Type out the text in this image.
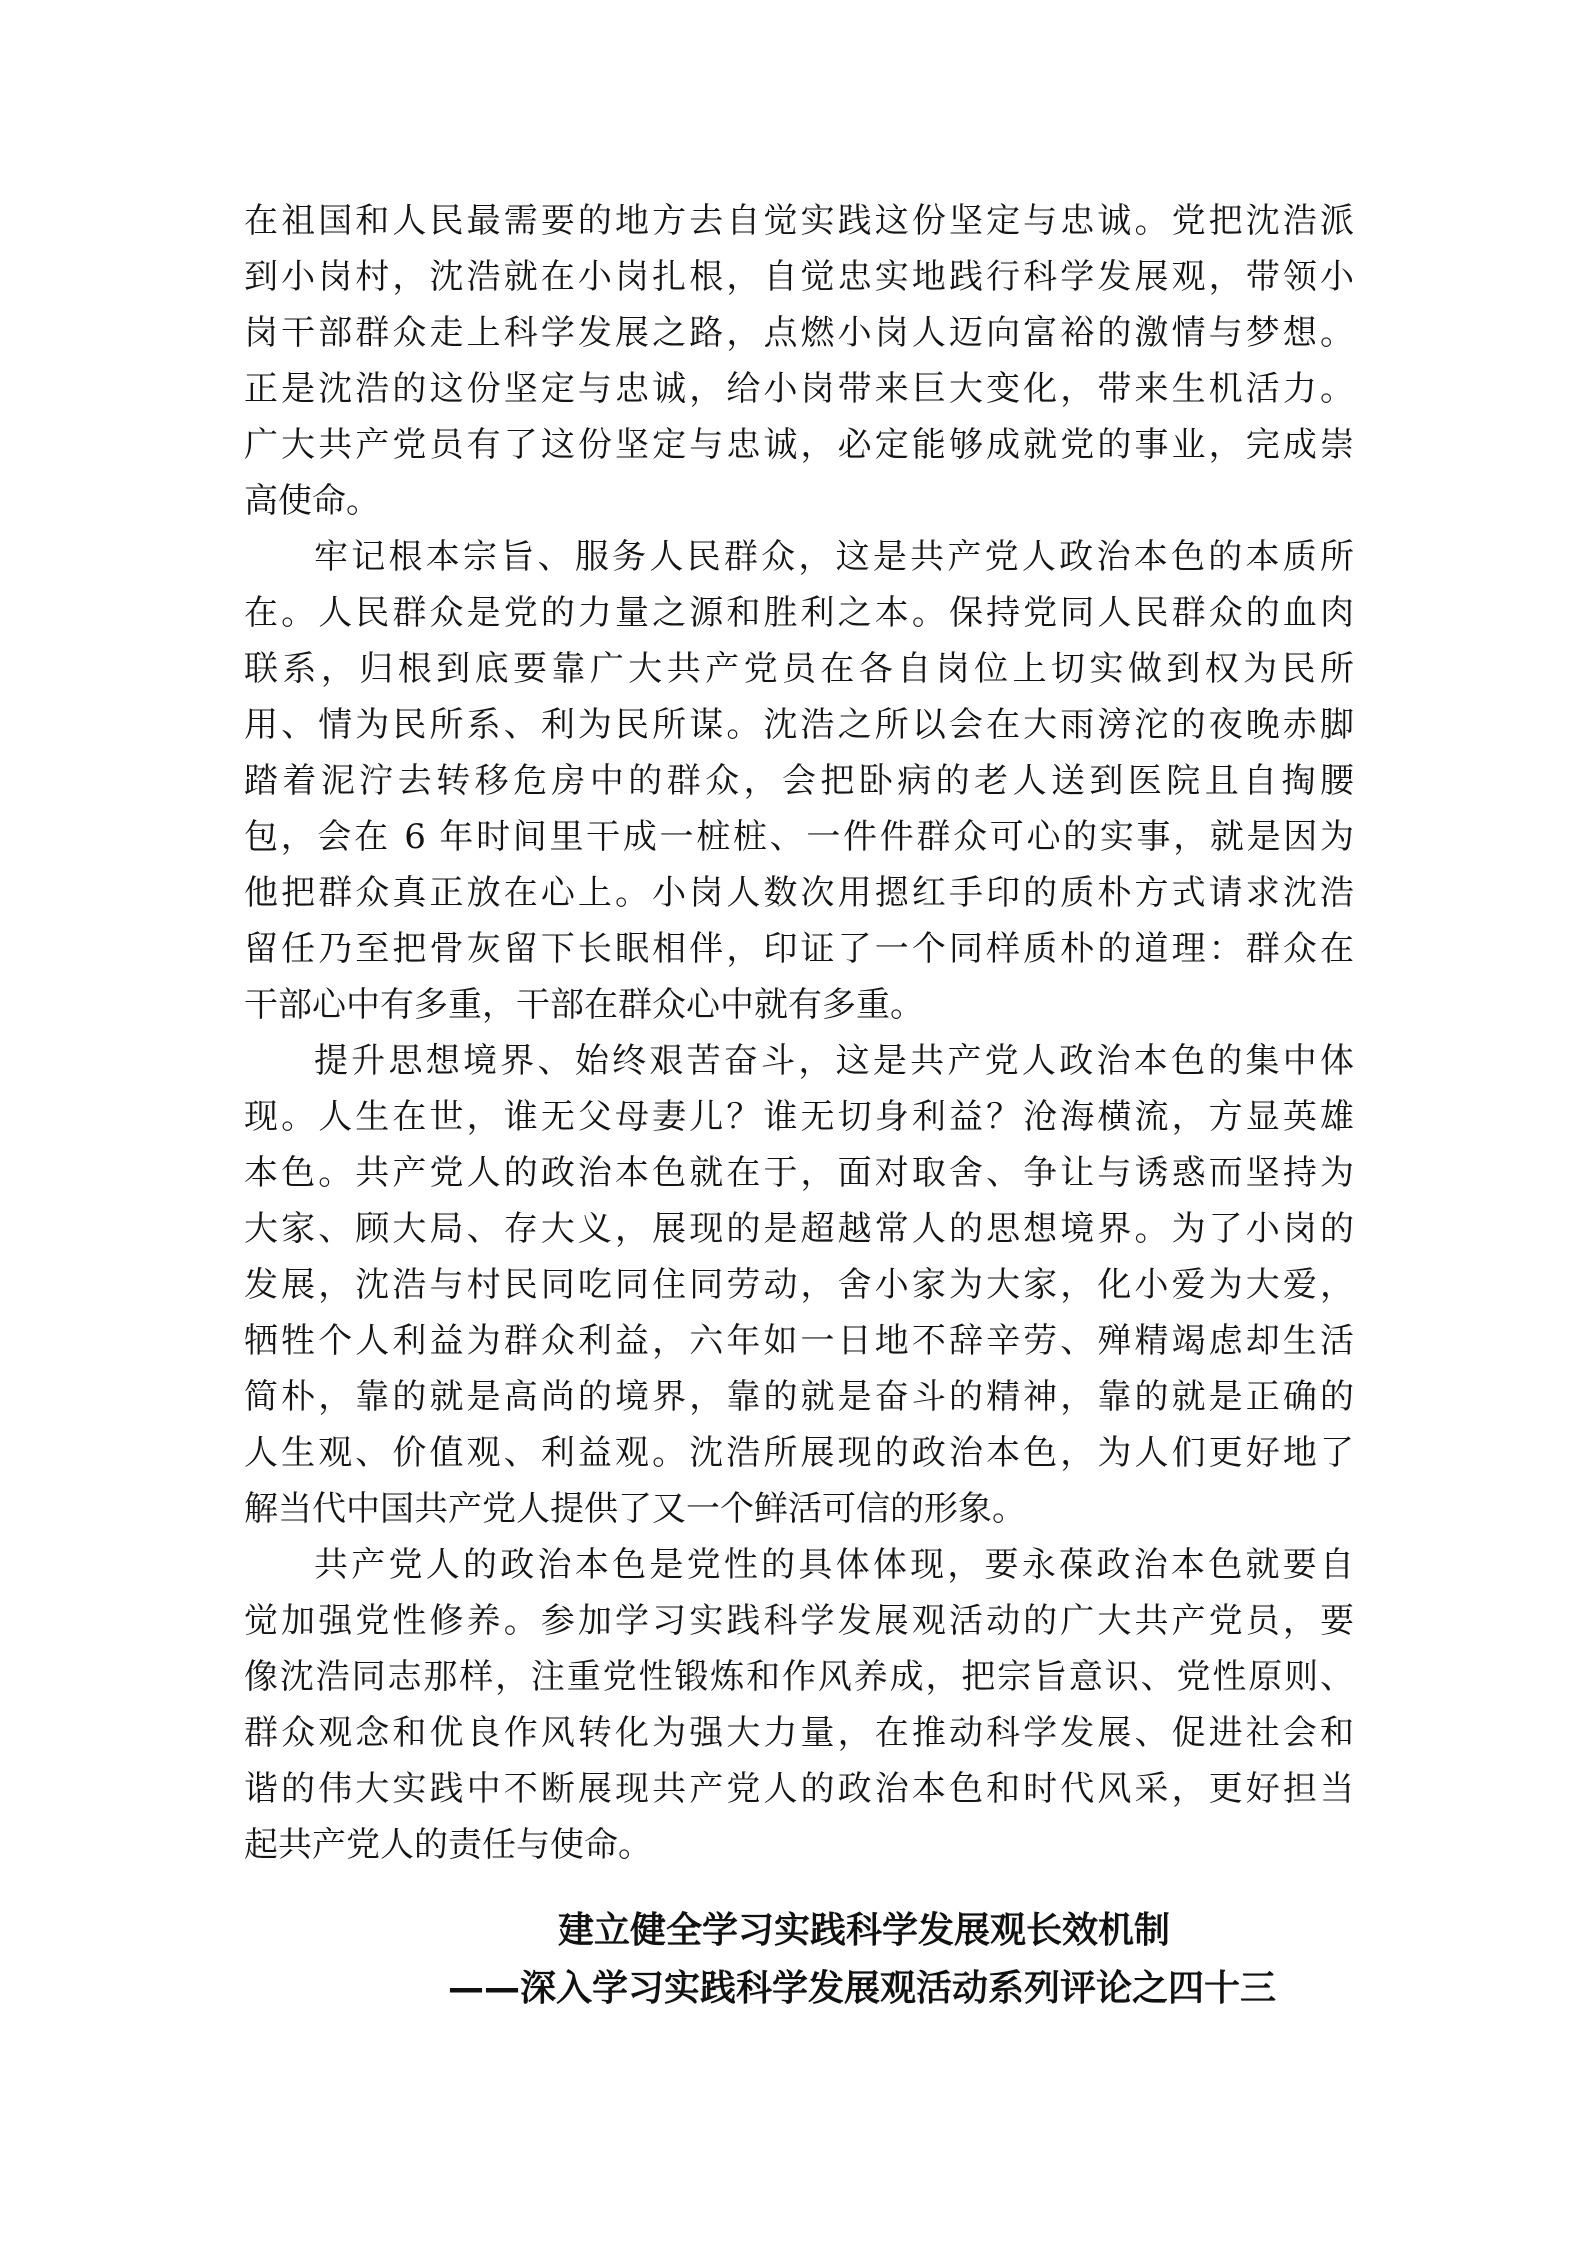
在祖国和人民最需要的地方去自觉实践这份坚定与忠诚。党把沈浩派
到小岗村，沈浩就在小岗扎根，自觉忠实地践行科学发展观，带领小
岗干部群众走上科学发展之路，点燃小岗人迈向富裕的激情与梦想。
正是沈浩的这份坚定与忠诚，给小岗带来巨大变化，带来生机活力。
广大共产党员有了这份坚定与忠诚，必定能够成就党的事业，完成崇
高使命。
牢记根本宗旨、服务人民群众，这是共产党人政治本色的本质所
在。人民群众是党的力量之源和胜利之本。保持党同人民群众的血肉
联系，归根到底要靠广大共产党员在各自岗位上切实做到权为民所
用、情为民所系、利为民所谋。沈浩之所以会在大雨滂沱的夜晚赤脚
踏着泥泞去转移危房中的群众，会把卧病的老人送到医院且自掏腰
包，会在 6 年时间里干成一桩桩、一件件群众可心的实事，就是因为
他把群众真正放在心上。小岗人数次用摁红手印的质朴方式请求沈浩
留任乃至把骨灰留下长眠相伴，印证了一个同样质朴的道理：群众在
干部心中有多重，干部在群众心中就有多重。
提升思想境界、始终艰苦奋斗，这是共产党人政治本色的集中体
现。人生在世，谁无父母妻儿？谁无切身利益？沧海横流，方显英雄
本色。共产党人的政治本色就在于，面对取舍、争让与诱惑而坚持为
大家、顾大局、存大义，展现的是超越常人的思想境界。为了小岗的
发展，沈浩与村民同吃同住同劳动，舍小家为大家，化小爱为大爱，
牺牲个人利益为群众利益，六年如一日地不辞辛劳、殚精竭虑却生活
简朴，靠的就是高尚的境界，靠的就是奋斗的精神，靠的就是正确的
人生观、价值观、利益观。沈浩所展现的政治本色，为人们更好地了
解当代中国共产党人提供了又一个鲜活可信的形象。
共产党人的政治本色是党性的具体体现，要永葆政治本色就要自
觉加强党性修养。参加学习实践科学发展观活动的广大共产党员，要
像沈浩同志那样，注重党性锻炼和作风养成，把宗旨意识、党性原则、
群众观念和优良作风转化为强大力量，在推动科学发展、促进社会和
谐的伟大实践中不断展现共产党人的政治本色和时代风采，更好担当
起共产党人的责任与使命。
建立健全学习实践科学发展观长效机制
——深入学习实践科学发展观活动系列评论之四十三
